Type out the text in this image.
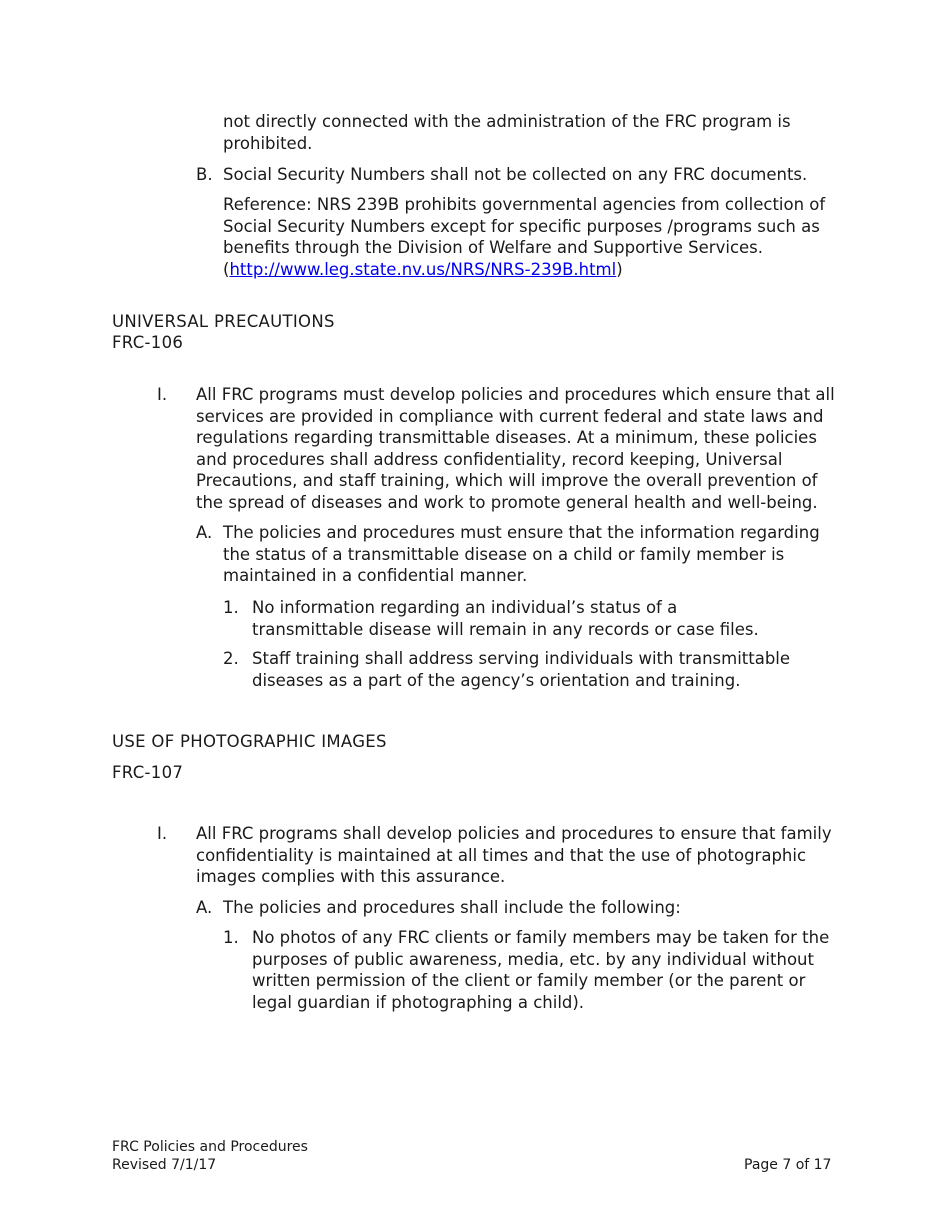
not directly connected with the administration of the FRC program is prohibited.
B. Social Security Numbers shall not be collected on any FRC documents.
Reference: NRS 239B prohibits governmental agencies from collection of Social Security Numbers except for specific purposes /programs such as benefits through the Division of Welfare and Supportive Services.(http://www.leg.state.nv.us/NRS/NRS-239B.html)
UNIVERSAL PRECAUTIONS
FRC-106
I. All FRC programs must develop policies and procedures which ensure that all services are provided in compliance with current federal and state laws and regulations regarding transmittable diseases. At a minimum, these policies and procedures shall address confidentiality, record keeping, Universal Precautions, and staff training, which will improve the overall prevention of the spread of diseases and work to promote general health and well-being.
A. The policies and procedures must ensure that the information regarding the status of a transmittable disease on a child or family member is maintained in a confidential manner.
1. No information regarding an individual’s status of a transmittable disease will remain in any records or case files.
2. Staff training shall address serving individuals with transmittable diseases as a part of the agency’s orientation and training.
USE OF PHOTOGRAPHIC IMAGES
FRC-107
I. All FRC programs shall develop policies and procedures to ensure that family confidentiality is maintained at all times and that the use of photographic images complies with this assurance.
A. The policies and procedures shall include the following:
1. No photos of any FRC clients or family members may be taken for the purposes of public awareness, media, etc. by any individual without written permission of the client or family member (or the parent or legal guardian if photographing a child).
FRC Policies and Procedures
Revised 7/1/17	Page 7 of 17
